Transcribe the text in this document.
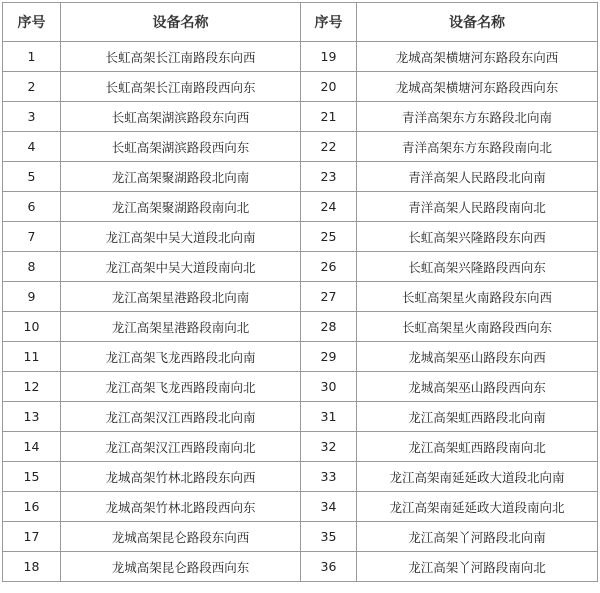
序号	设备名称	序号	设备名称
1	长虹高架长江南路段东向西	19	龙城高架横塘河东路段东向西
2	长虹高架长江南路段西向东	20	龙城高架横塘河东路段西向东
3	长虹高架湖滨路段东向西	21	青洋高架东方东路段北向南
4	长虹高架湖滨路段西向东	22	青洋高架东方东路段南向北
5	龙江高架聚湖路段北向南	23	青洋高架人民路段北向南
6	龙江高架聚湖路段南向北	24	青洋高架人民路段南向北
7	龙江高架中吴大道段北向南	25	长虹高架兴隆路段东向西
8	龙江高架中吴大道段南向北	26	长虹高架兴隆路段西向东
9	龙江高架星港路段北向南	27	长虹高架星火南路段东向西
10	龙江高架星港路段南向北	28	长虹高架星火南路段西向东
11	龙江高架飞龙西路段北向南	29	龙城高架巫山路段东向西
12	龙江高架飞龙西路段南向北	30	龙城高架巫山路段西向东
13	龙江高架汉江西路段北向南	31	龙江高架虹西路段北向南
14	龙江高架汉江西路段南向北	32	龙江高架虹西路段南向北
15	龙城高架竹林北路段东向西	33	龙江高架南延延政大道段北向南
16	龙城高架竹林北路段西向东	34	龙江高架南延延政大道段南向北
17	龙城高架昆仑路段东向西	35	龙江高架丫河路段北向南
18	龙城高架昆仑路段西向东	36	龙江高架丫河路段南向北
